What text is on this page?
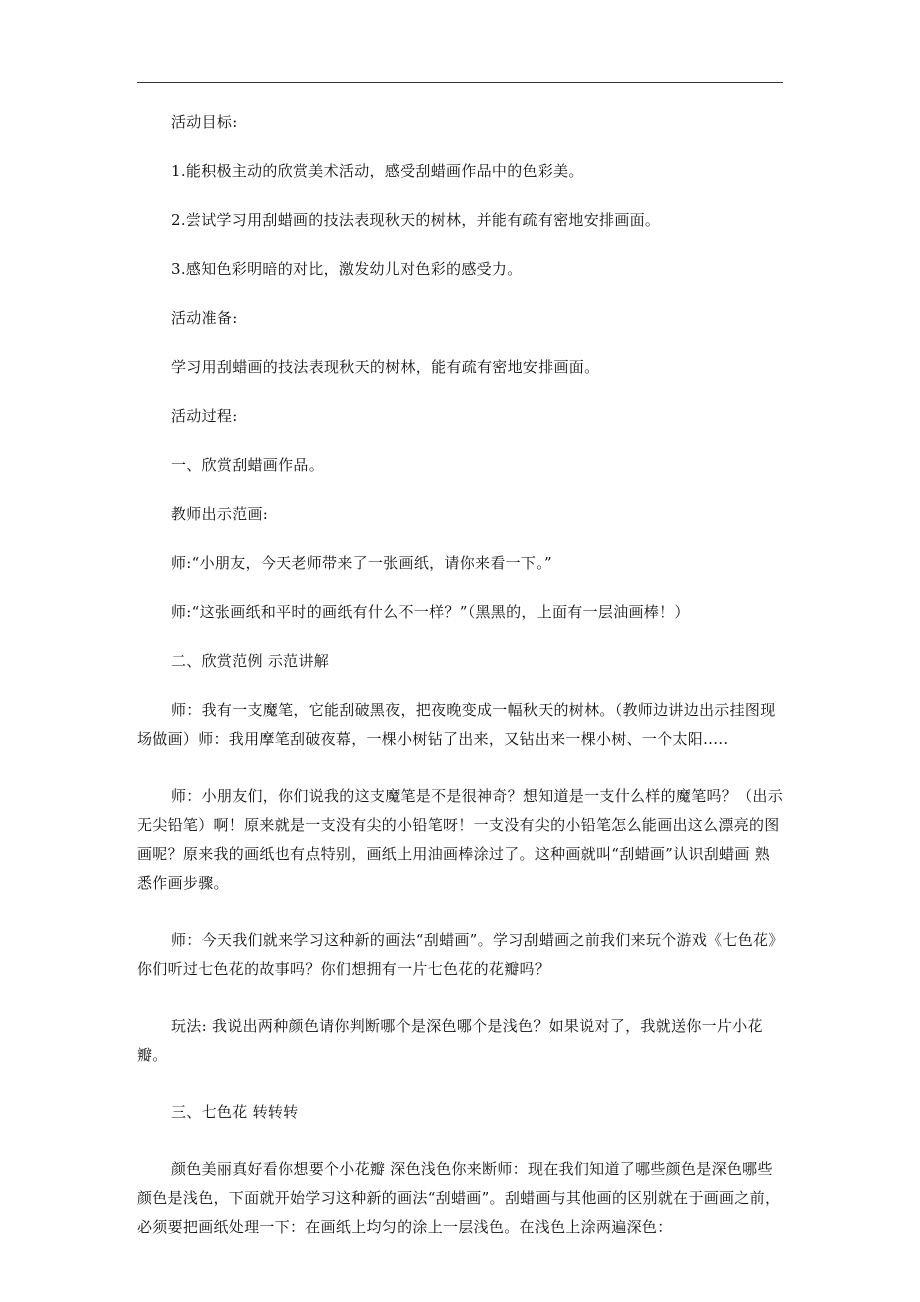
活动目标:

1.能积极主动的欣赏美术活动，感受刮蜡画作品中的色彩美。

2.尝试学习用刮蜡画的技法表现秋天的树林，并能有疏有密地安排画面。

3.感知色彩明暗的对比，激发幼儿对色彩的感受力。

活动准备:

学习用刮蜡画的技法表现秋天的树林，能有疏有密地安排画面。

活动过程:

一、欣赏刮蜡画作品。

教师出示范画:

师:“小朋友，今天老师带来了一张画纸，请你来看一下。”

师:“这张画纸和平时的画纸有什么不一样？”（黑黑的，上面有一层油画棒！）

二、欣赏范例 示范讲解

师：我有一支魔笔，它能刮破黑夜，把夜晚变成一幅秋天的树林。（教师边讲边出示挂图现场做画）师：我用摩笔刮破夜幕，一棵小树钻了出来，又钻出来一棵小树、一个太阳.....

师：小朋友们，你们说我的这支魔笔是不是很神奇？想知道是一支什么样的魔笔吗？（出示无尖铅笔）啊！原来就是一支没有尖的小铅笔呀！一支没有尖的小铅笔怎么能画出这么漂亮的图画呢？原来我的画纸也有点特别，画纸上用油画棒涂过了。这种画就叫“刮蜡画”认识刮蜡画 熟悉作画步骤。

师：今天我们就来学习这种新的画法“刮蜡画”。学习刮蜡画之前我们来玩个游戏《七色花》你们听过七色花的故事吗？你们想拥有一片七色花的花瓣吗？

玩法: 我说出两种颜色请你判断哪个是深色哪个是浅色？如果说对了，我就送你一片小花瓣。

三、七色花 转转转

颜色美丽真好看你想要个小花瓣 深色浅色你来断师：现在我们知道了哪些颜色是深色哪些颜色是浅色，下面就开始学习这种新的画法“刮蜡画”。刮蜡画与其他画的区别就在于画画之前，必须要把画纸处理一下：在画纸上均匀的涂上一层浅色。在浅色上涂两遍深色：
